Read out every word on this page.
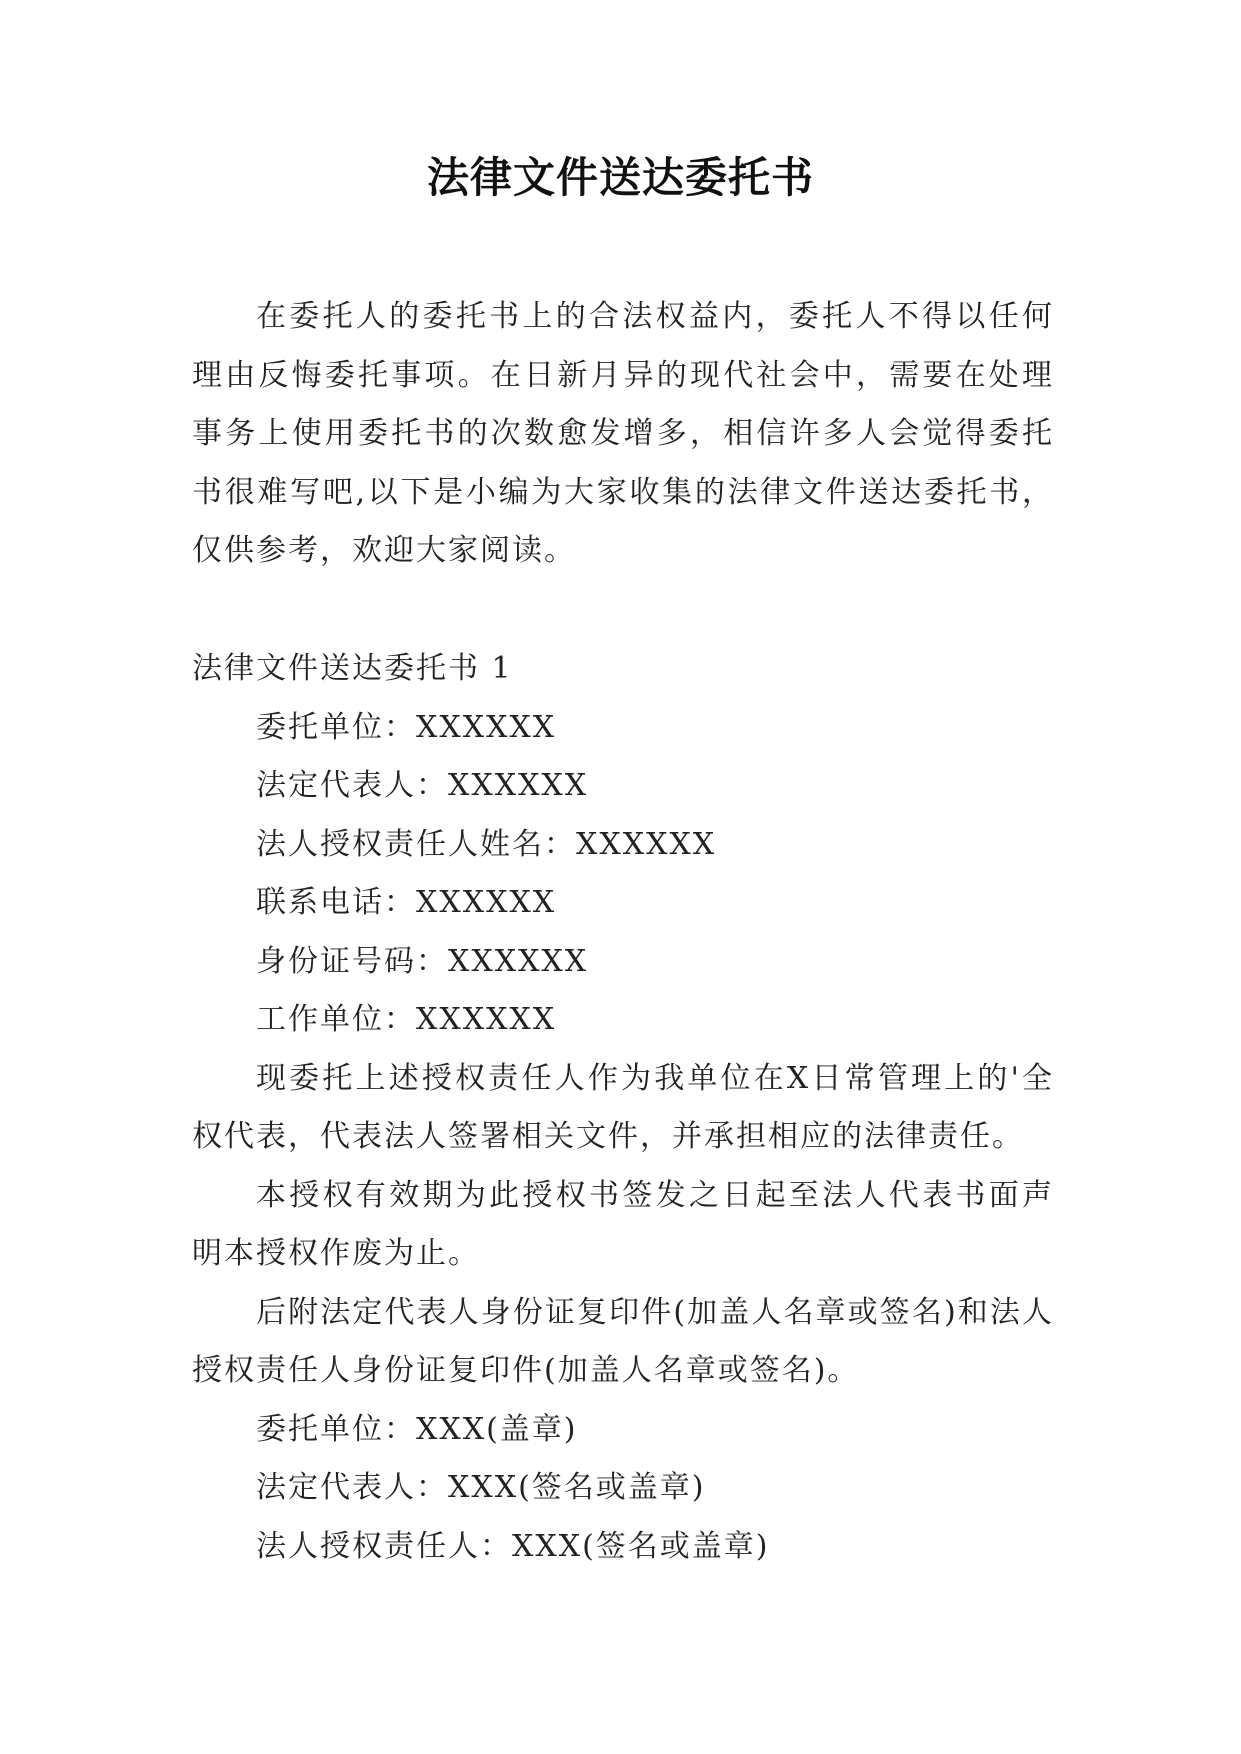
法律文件送达委托书
在委托人的委托书上的合法权益内，委托人不得以任何理由反悔委托事项。在日新月异的现代社会中，需要在处理事务上使用委托书的次数愈发增多，相信许多人会觉得委托书很难写吧,以下是小编为大家收集的法律文件送达委托书，仅供参考，欢迎大家阅读。

法律文件送达委托书 1

委托单位：XXXXXX

法定代表人：XXXXXX

法人授权责任人姓名：XXXXXX

联系电话：XXXXXX

身份证号码：XXXXXX

工作单位：XXXXXX

现委托上述授权责任人作为我单位在X日常管理上的'全权代表，代表法人签署相关文件，并承担相应的法律责任。

本授权有效期为此授权书签发之日起至法人代表书面声明本授权作废为止。

后附法定代表人身份证复印件(加盖人名章或签名)和法人授权责任人身份证复印件(加盖人名章或签名)。

委托单位：XXX(盖章)

法定代表人：XXX(签名或盖章)

法人授权责任人：XXX(签名或盖章)
